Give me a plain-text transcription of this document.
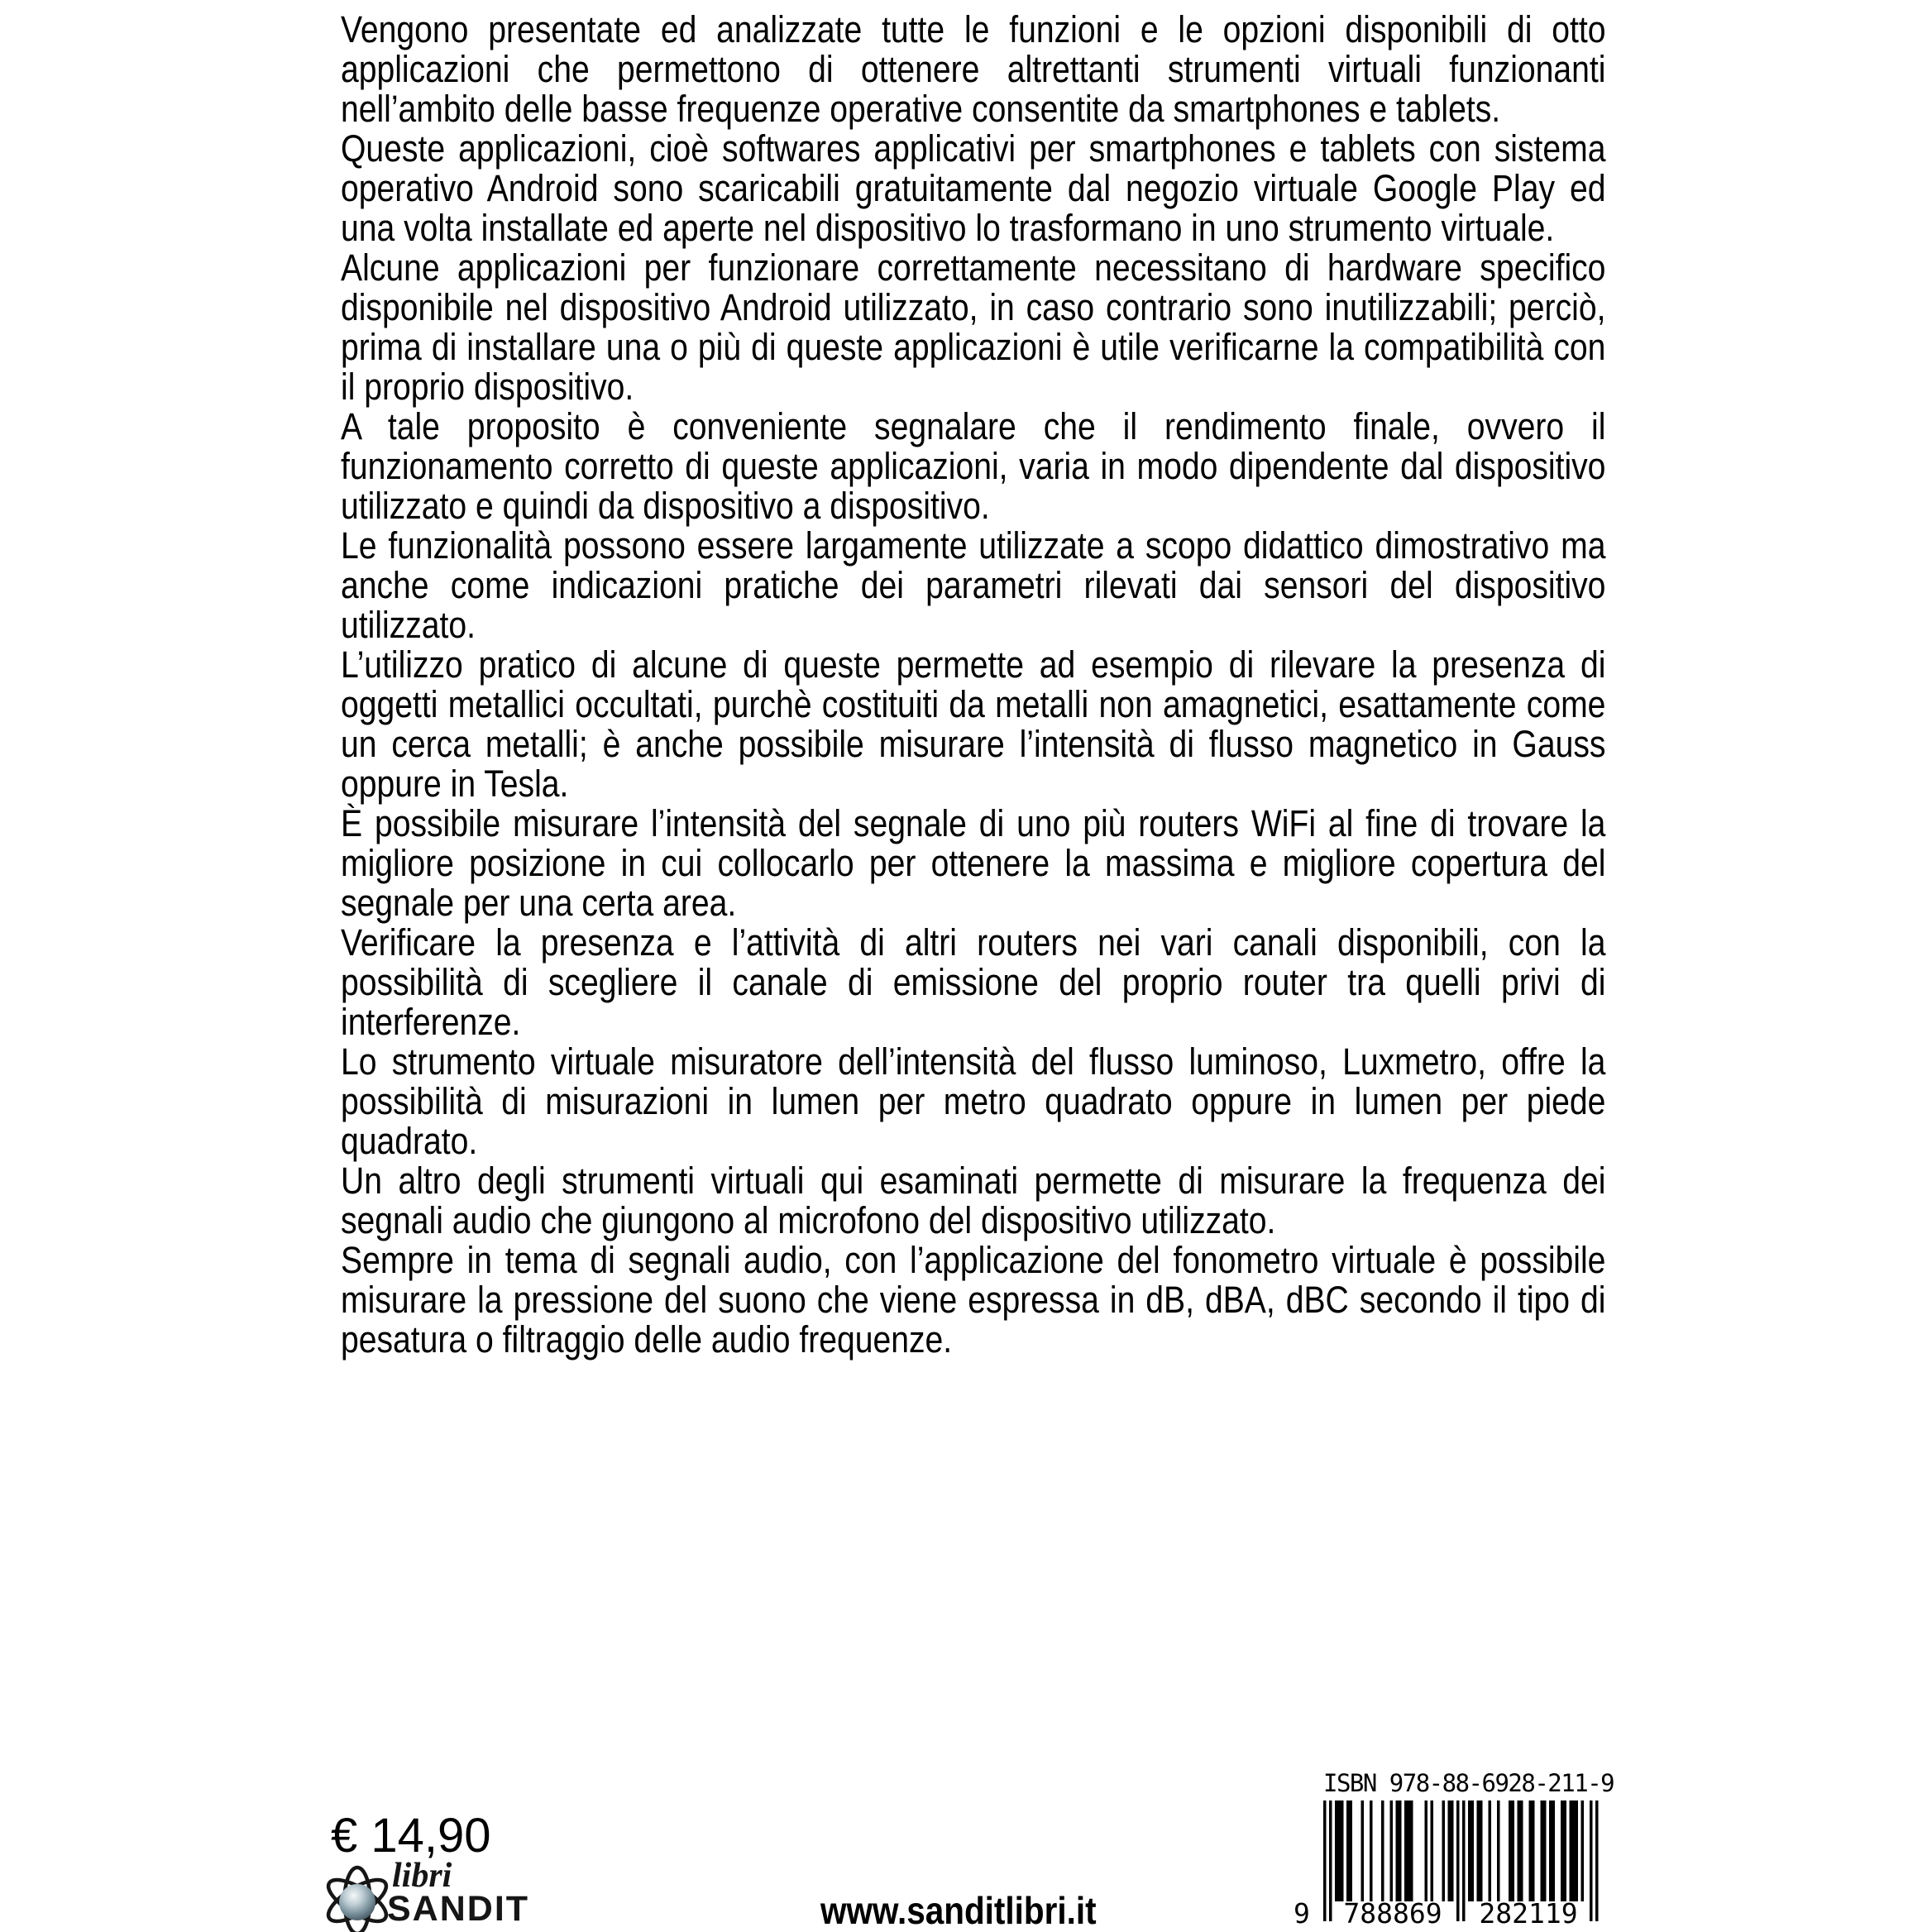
Vengono presentate ed analizzate tutte le funzioni e le opzioni disponibili di otto applicazioni che permettono di ottenere altrettanti strumenti virtuali funzionanti nell’ambito delle basse frequenze operative consentite da smartphones e tablets.

Queste applicazioni, cioè softwares applicativi per smartphones e tablets con sistema operativo Android sono scaricabili gratuitamente dal negozio virtuale Google Play ed una volta installate ed aperte nel dispositivo lo trasformano in uno strumento virtuale.

Alcune applicazioni per funzionare correttamente necessitano di hardware specifico disponibile nel dispositivo Android utilizzato, in caso contrario sono inutilizzabili; perciò, prima di installare una o più di queste applicazioni è utile verificarne la compatibilità con il proprio dispositivo.

A tale proposito è conveniente segnalare che il rendimento finale, ovvero il funzionamento corretto di queste applicazioni, varia in modo dipendente dal dispositivo utilizzato e quindi da dispositivo a dispositivo.

Le funzionalità possono essere largamente utilizzate a scopo didattico dimostrativo ma anche come indicazioni pratiche dei parametri rilevati dai sensori del dispositivo utilizzato.

L’utilizzo pratico di alcune di queste permette ad esempio di rilevare la presenza di oggetti metallici occultati, purchè costituiti da metalli non amagnetici, esattamente come un cerca metalli; è anche possibile misurare l’intensità di flusso magnetico in Gauss oppure in Tesla.

È possibile misurare l’intensità del segnale di uno più routers WiFi al fine di trovare la migliore posizione in cui collocarlo per ottenere la massima e migliore copertura del segnale per una certa area.

Verificare la presenza e l’attività di altri routers nei vari canali disponibili, con la possibilità di scegliere il canale di emissione del proprio router tra quelli privi di interferenze.

Lo strumento virtuale misuratore dell’intensità del flusso luminoso, Luxmetro, offre la possibilità di misurazioni in lumen per metro quadrato oppure in lumen per piede quadrato.

Un altro degli strumenti virtuali qui esaminati permette di misurare la frequenza dei segnali audio che giungono al microfono del dispositivo utilizzato.

Sempre in tema di segnali audio, con l’applicazione del fonometro virtuale è possibile misurare la pressione del suono che viene espressa in dB, dBA, dBC secondo il tipo di pesatura o filtraggio delle audio frequenze.

€ 14,90
libri
SANDIT	www.sanditlibri.it
ISBN 978-88-6928-211-9
9	788869	282119
